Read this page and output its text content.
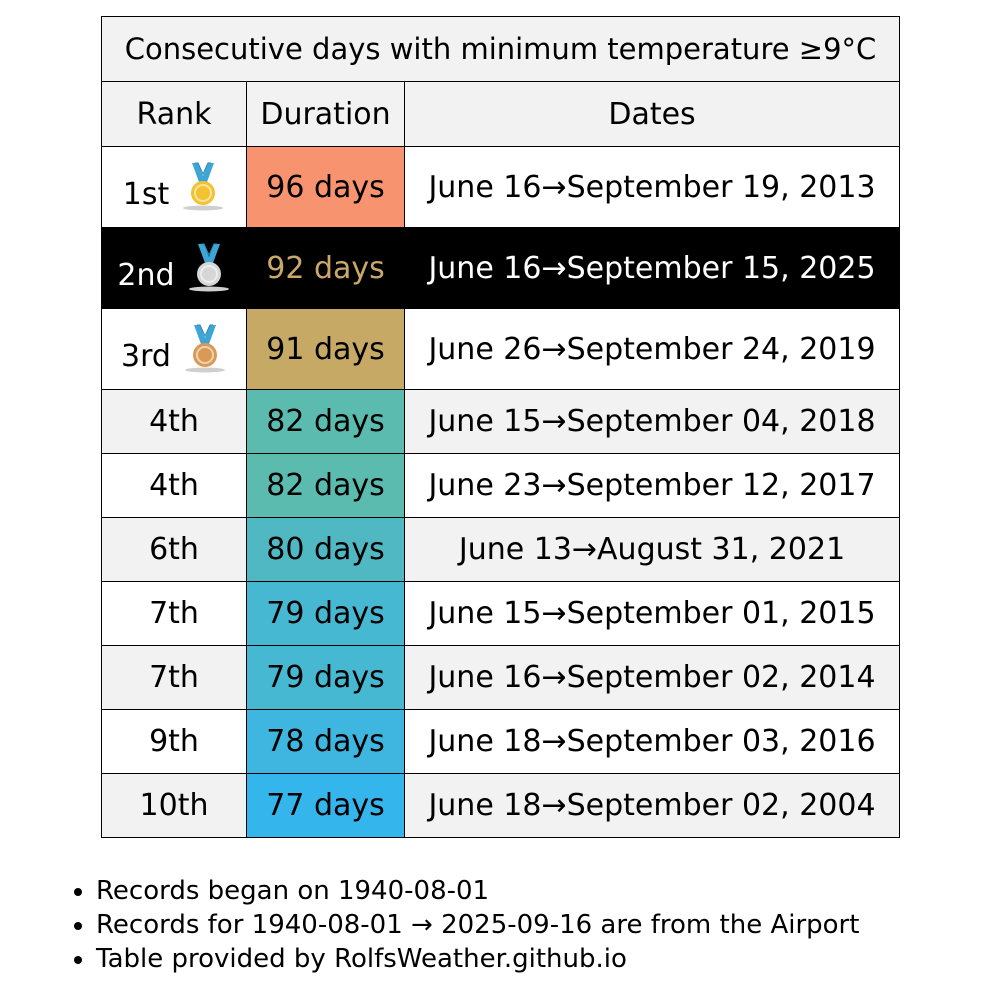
Consecutive days with minimum temperature ≥9°C		
Rank	Duration	Dates

1st	96 days	June 16→September 19, 2013

2nd	92 days	June 16→September 15, 2025

3rd	91 days	June 26→September 24, 2019
4th	82 days	June 15→September 04, 2018
4th	82 days	June 23→September 12, 2017
6th	80 days	June 13→August 31, 2021
7th	79 days	June 15→September 01, 2015
7th	79 days	June 16→September 02, 2014
9th	78 days	June 18→September 03, 2016
10th	77 days	June 18→September 02, 2004
• Records began on 1940-08-01
• Records for 1940-08-01 → 2025-09-16 are from the Airport
• Table provided by RolfsWeather.github.io
